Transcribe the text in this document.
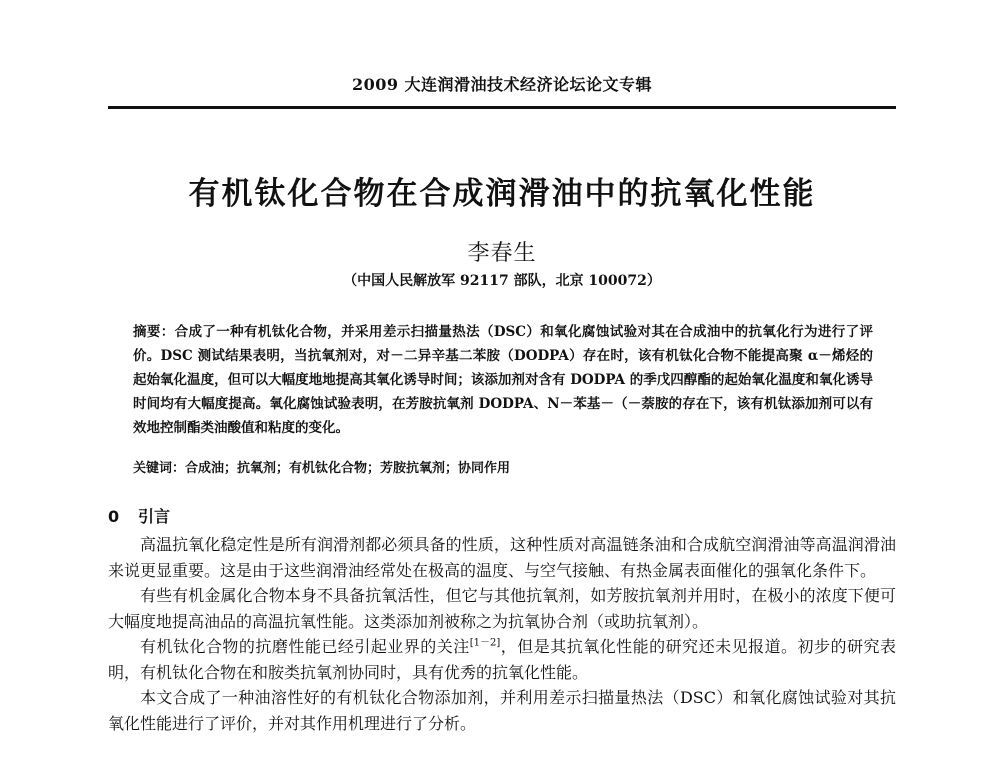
2009 大连润滑油技术经济论坛论文专辑
有机钛化合物在合成润滑油中的抗氧化性能
李春生
（中国人民解放军 92117 部队，北京 100072）
摘要：合成了一种有机钛化合物，并采用差示扫描量热法（DSC）和氧化腐蚀试验对其在合成油中的抗氧化行为进行了评价。DSC 测试结果表明，当抗氧剂对，对－二异辛基二苯胺（DODPA）存在时，该有机钛化合物不能提高聚 α－烯烃的起始氧化温度，但可以大幅度地地提高其氧化诱导时间；该添加剂对含有 DODPA 的季戊四醇酯的起始氧化温度和氧化诱导时间均有大幅度提高。氧化腐蚀试验表明，在芳胺抗氧剂 DODPA、N－苯基－（－萘胺的存在下，该有机钛添加剂可以有效地控制酯类油酸值和粘度的变化。
关键词：合成油；抗氧剂；有机钛化合物；芳胺抗氧剂；协同作用
0 引言

高温抗氧化稳定性是所有润滑剂都必须具备的性质，这种性质对高温链条油和合成航空润滑油等高温润滑油来说更显重要。这是由于这些润滑油经常处在极高的温度、与空气接触、有热金属表面催化的强氧化条件下。

有些有机金属化合物本身不具备抗氧活性，但它与其他抗氧剂，如芳胺抗氧剂并用时，在极小的浓度下便可大幅度地提高油品的高温抗氧性能。这类添加剂被称之为抗氧协合剂（或助抗氧剂）。

有机钛化合物的抗磨性能已经引起业界的关注[1－2]，但是其抗氧化性能的研究还未见报道。初步的研究表明，有机钛化合物在和胺类抗氧剂协同时，具有优秀的抗氧化性能。

本文合成了一种油溶性好的有机钛化合物添加剂，并利用差示扫描量热法（DSC）和氧化腐蚀试验对其抗氧化性能进行了评价，并对其作用机理进行了分析。
